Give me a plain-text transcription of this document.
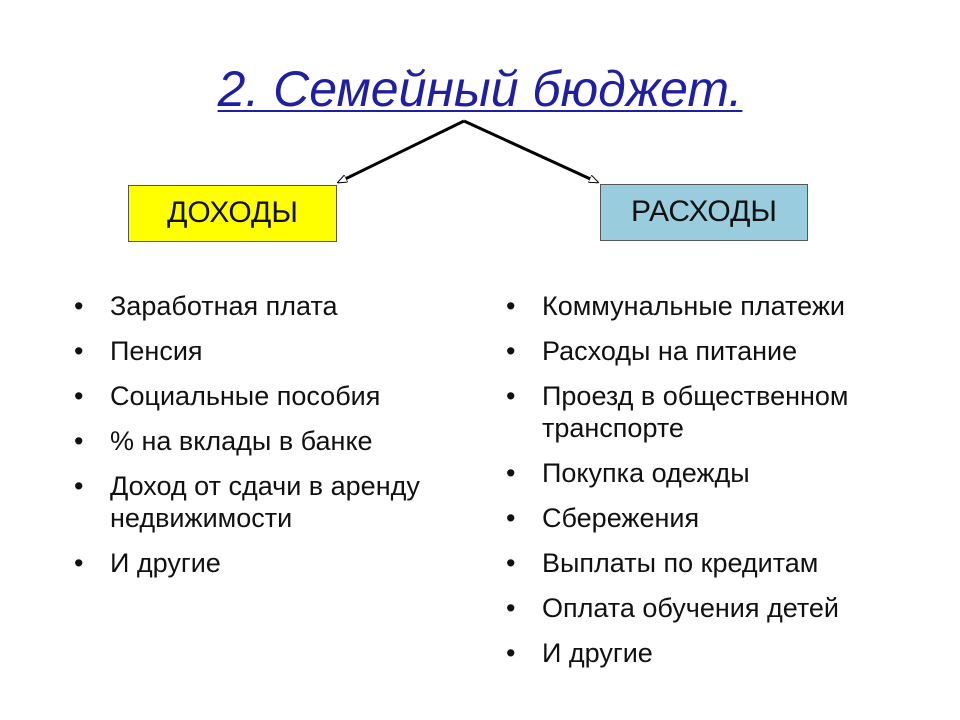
2. Семейный бюджет.
ДОХОДЫ	РАСХОДЫ
• Заработная плата
• Пенсия
• Социальные пособия
• % на вклады в банке
• Доход от сдачи в аренду недвижимости
• И другие
• Коммунальные платежи
• Расходы на питание
• Проезд в общественном транспорте
• Покупка одежды
• Сбережения
• Выплаты по кредитам
• Оплата обучения детей
• И другие
